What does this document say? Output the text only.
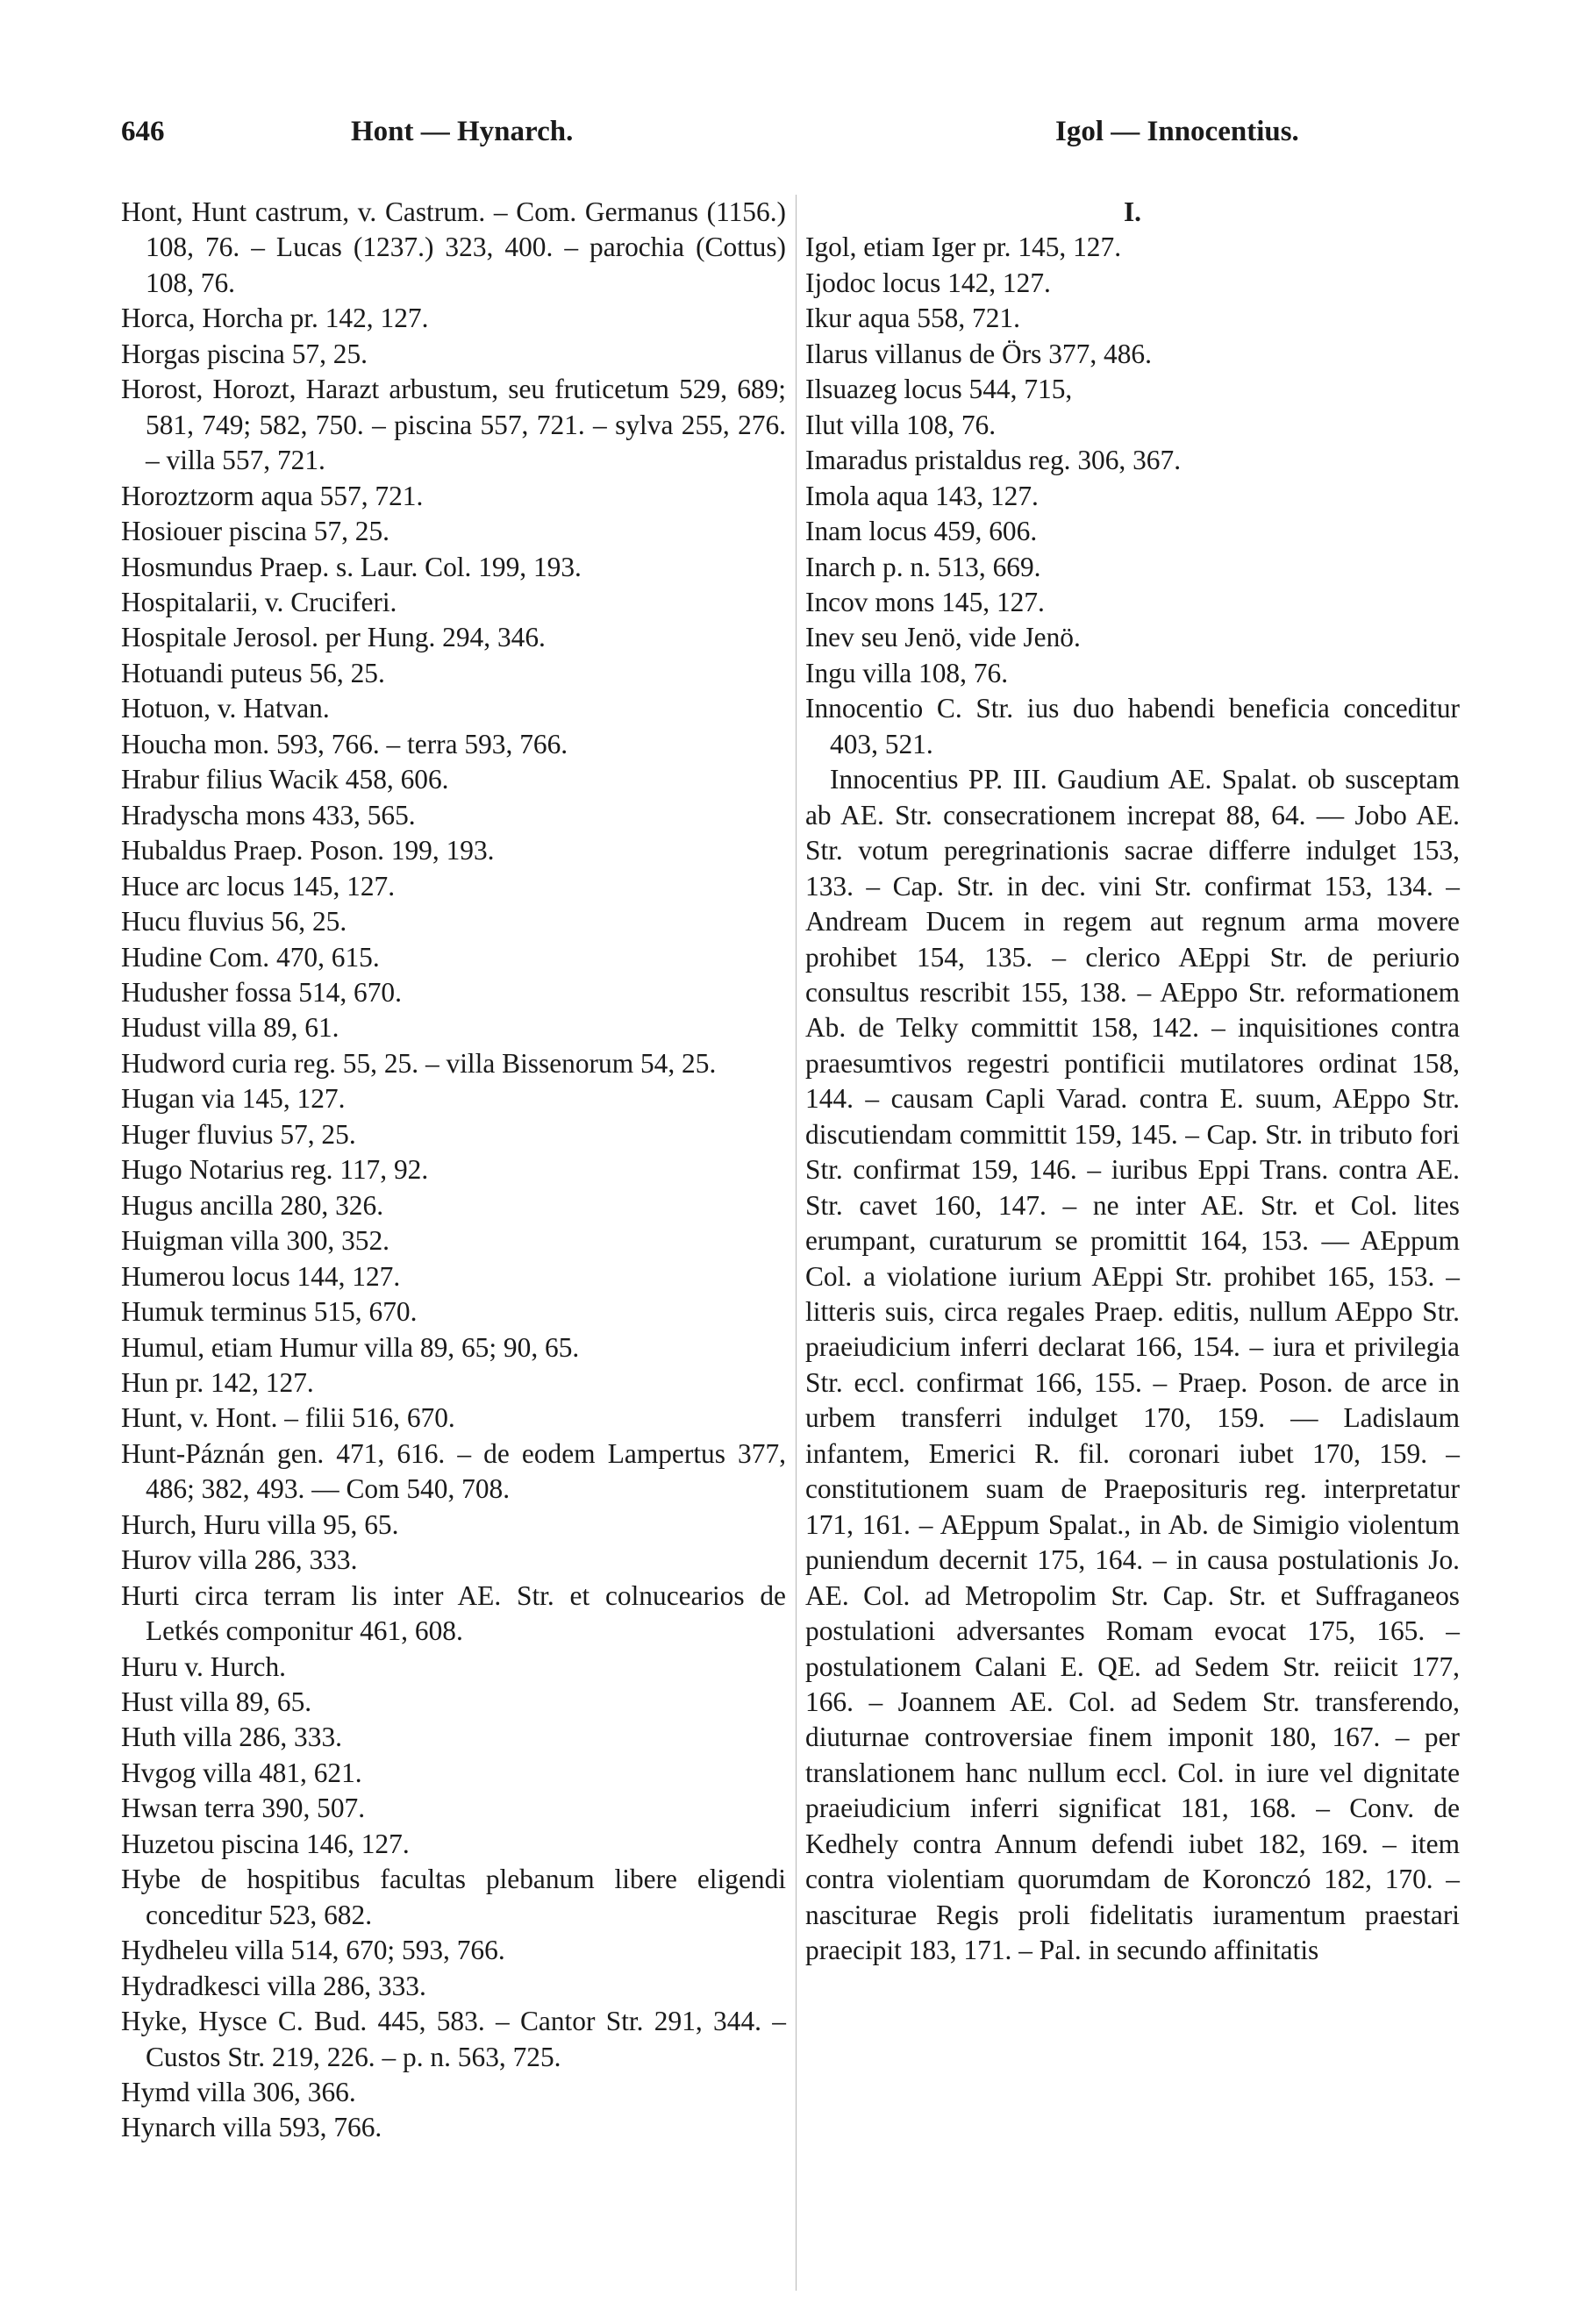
646	Hont — Hynarch.	Igol — Innocentius.
Hont, Hunt castrum, v. Castrum. – Com. Germanus (1156.) 108, 76. – Lucas (1237.) 323, 400. – parochia (Cottus) 108, 76.
Horca, Horcha pr. 142, 127.
Horgas piscina 57, 25.
Horost, Horozt, Harazt arbustum, seu fruticetum 529, 689; 581, 749; 582, 750. – piscina 557, 721. – sylva 255, 276. – villa 557, 721.
Horoztzorm aqua 557, 721.
Hosiouer piscina 57, 25.
Hosmundus Praep. s. Laur. Col. 199, 193.
Hospitalarii, v. Cruciferi.
Hospitale Jerosol. per Hung. 294, 346.
Hotuandi puteus 56, 25.
Hotuon, v. Hatvan.
Houcha mon. 593, 766. – terra 593, 766.
Hrabur filius Wacik 458, 606.
Hradyscha mons 433, 565.
Hubaldus Praep. Poson. 199, 193.
Huce arc locus 145, 127.
Hucu fluvius 56, 25.
Hudine Com. 470, 615.
Hudusher fossa 514, 670.
Hudust villa 89, 61.
Hudword curia reg. 55, 25. – villa Bissenorum 54, 25.
Hugan via 145, 127.
Huger fluvius 57, 25.
Hugo Notarius reg. 117, 92.
Hugus ancilla 280, 326.
Huigman villa 300, 352.
Humerou locus 144, 127.
Humuk terminus 515, 670.
Humul, etiam Humur villa 89, 65; 90, 65.
Hun pr. 142, 127.
Hunt, v. Hont. – filii 516, 670.
Hunt-Páznán gen. 471, 616. – de eodem Lampertus 377, 486; 382, 493. — Com 540, 708.
Hurch, Huru villa 95, 65.
Hurov villa 286, 333.
Hurti circa terram lis inter AE. Str. et colnucearios de Letkés componitur 461, 608.
Huru v. Hurch.
Hust villa 89, 65.
Huth villa 286, 333.
Hvgog villa 481, 621.
Hwsan terra 390, 507.
Huzetou piscina 146, 127.
Hybe de hospitibus facultas plebanum libere eligendi conceditur 523, 682.
Hydheleu villa 514, 670; 593, 766.
Hydradkesci villa 286, 333.
Hyke, Hysce C. Bud. 445, 583. – Cantor Str. 291, 344. – Custos Str. 219, 226. – p. n. 563, 725.
Hymd villa 306, 366.
Hynarch villa 593, 766.
I.
Igol, etiam Iger pr. 145, 127.
Ijodoc locus 142, 127.
Ikur aqua 558, 721.
Ilarus villanus de Örs 377, 486.
Ilsuazeg locus 544, 715,
Ilut villa 108, 76.
Imaradus pristaldus reg. 306, 367.
Imola aqua 143, 127.
Inam locus 459, 606.
Inarch p. n. 513, 669.
Incov mons 145, 127.
Inev seu Jenö, vide Jenö.
Ingu villa 108, 76.
Innocentio C. Str. ius duo habendi beneficia conceditur 403, 521.
Innocentius PP. III. Gaudium AE. Spalat. ob susceptam ab AE. Str. consecrationem increpat 88, 64. — Jobo AE. Str. votum peregrinationis sacrae differre indulget 153, 133. – Cap. Str. in dec. vini Str. confirmat 153, 134. – Andream Ducem in regem aut regnum arma movere prohibet 154, 135. – clerico AEppi Str. de periurio consultus rescribit 155, 138. – AEppo Str. reformationem Ab. de Telky committit 158, 142. – inquisitiones contra praesumtivos regestri pontificii mutilatores ordinat 158, 144. – causam Capli Varad. contra E. suum, AEppo Str. discutiendam committit 159, 145. – Cap. Str. in tributo fori Str. confirmat 159, 146. – iuribus Eppi Trans. contra AE. Str. cavet 160, 147. – ne inter AE. Str. et Col. lites erumpant, curaturum se promittit 164, 153. — AEppum Col. a violatione iurium AEppi Str. prohibet 165, 153. – litteris suis, circa regales Praep. editis, nullum AEppo Str. praeiudicium inferri declarat 166, 154. – iura et privilegia Str. eccl. confirmat 166, 155. – Praep. Poson. de arce in urbem transferri indulget 170, 159. — Ladislaum infantem, Emerici R. fil. coronari iubet 170, 159. – constitutionem suam de Praeposituris reg. interpretatur 171, 161. – AEppum Spalat., in Ab. de Simigio violentum puniendum decernit 175, 164. – in causa postulationis Jo. AE. Col. ad Metropolim Str. Cap. Str. et Suffraganeos postulationi adversantes Romam evocat 175, 165. – postulationem Calani E. QE. ad Sedem Str. reiicit 177, 166. – Joannem AE. Col. ad Sedem Str. transferendo, diuturnae controversiae finem imponit 180, 167. – per translationem hanc nullum eccl. Col. in iure vel dignitate praeiudicium inferri significat 181, 168. – Conv. de Kedhely contra Annum defendi iubet 182, 169. – item contra violentiam quorumdam de Koronczó 182, 170. – nasciturae Regis proli fidelitatis iuramentum praestari praecipit 183, 171. – Pal. in secundo affinitatis
